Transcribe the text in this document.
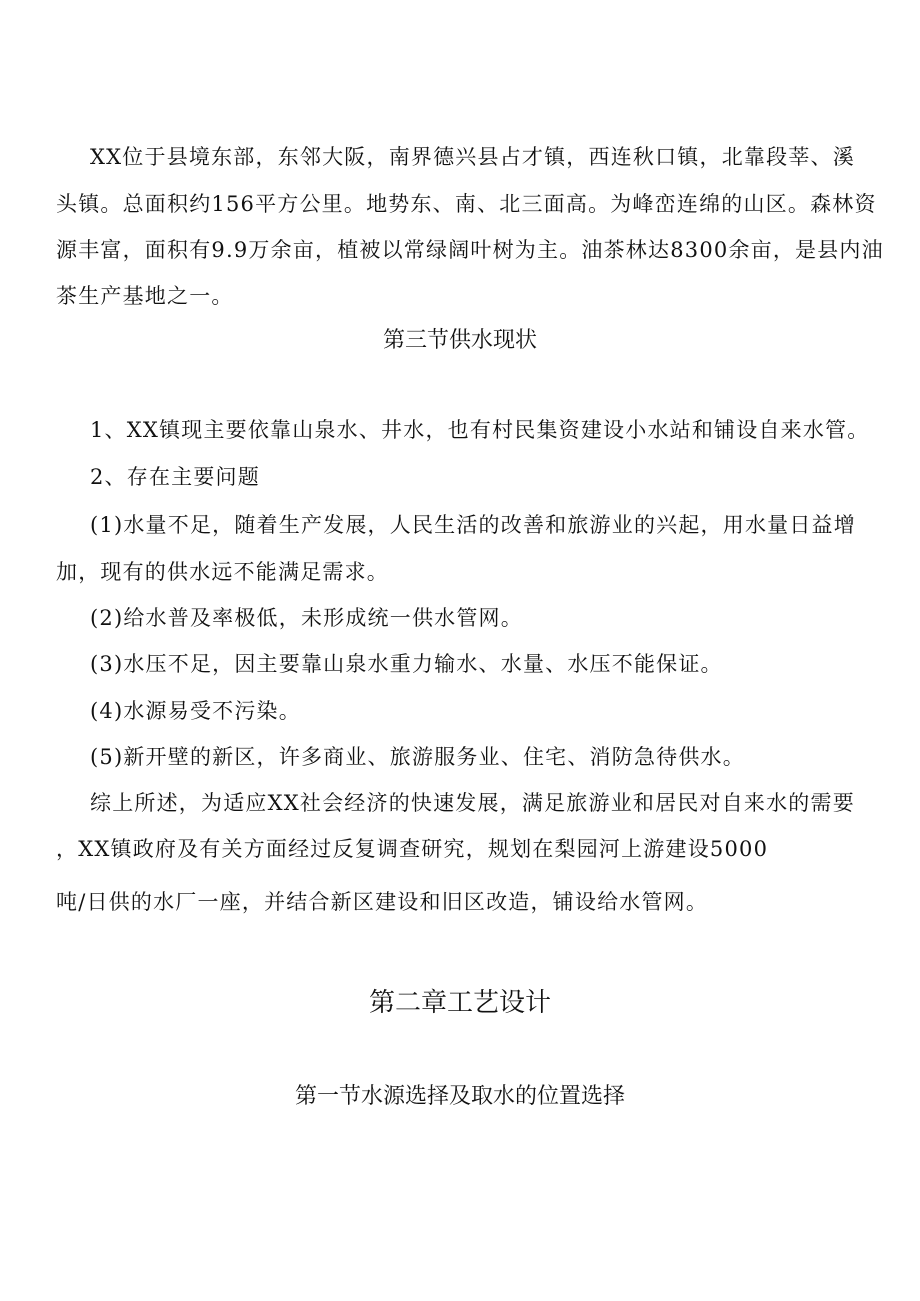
XX位于县境东部，东邻大阪，南界德兴县占才镇，西连秋口镇，北靠段莘、溪
头镇。总面积约156平方公里。地势东、南、北三面高。为峰峦连绵的山区。森林资
源丰富，面积有9.9万余亩，植被以常绿阔叶树为主。油茶林达8300余亩，是县内油
茶生产基地之一。
第三节供水现状
1、XX镇现主要依靠山泉水、井水，也有村民集资建设小水站和铺设自来水管。
2、存在主要问题
(1)水量不足，随着生产发展，人民生活的改善和旅游业的兴起，用水量日益增
加，现有的供水远不能满足需求。
(2)给水普及率极低，未形成统一供水管网。
(3)水压不足，因主要靠山泉水重力输水、水量、水压不能保证。
(4)水源易受不污染。
(5)新开壁的新区，许多商业、旅游服务业、住宅、消防急待供水。
综上所述，为适应XX社会经济的快速发展，满足旅游业和居民对自来水的需要
，XX镇政府及有关方面经过反复调查研究，规划在梨园河上游建设5000
吨/日供的水厂一座，并结合新区建设和旧区改造，铺设给水管网。
第二章工艺设计
第一节水源选择及取水的位置选择
